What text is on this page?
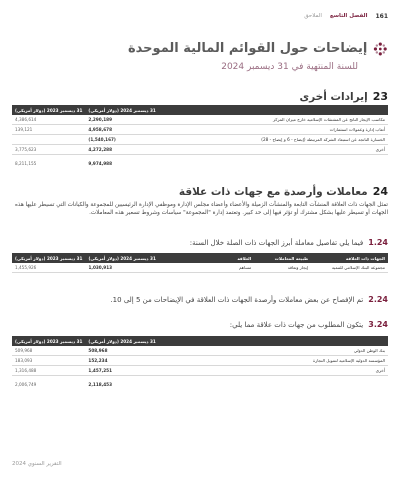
161
الفصل التاسع
الملاحق
إيضاحات حول القوائم المالية الموحدة
للسنة المنتهية في 31 ديسمبر 2024
23
إيرادات أخرى
	31 ديسمبر 2024 (دولار أمريكي)	31 ديسمبر 2023 (دولار أمريكي)
مكاسب الإيجار الناتج عن المشتقات الإسلامية خارج ميزان المركز	2,290,189	4,386,614
أتعاب إدارة وعمولات استثمارات	4,958,678	139,121
الخسارة الناتجة عن استبعاد الشركة المرتبطة (إيضاح - 6 و إيضاح - 28)	(1,540,167)	
أخرى	4,272,288	3,775,623

	9,974,988	8,211,155
24
معاملات وأرصدة مع جهات ذات علاقة
تمثل الجهات ذات العلاقة المنشآت التابعة والمنشآت الزميلة والأعضاء وأعضاء مجلس الإدارة وموظفي الإدارة الرئيسيين للمجموعة والكيانات التي تسيطر عليها هذه الجهات أو تسيطر عليها بشكل مشترك أو تؤثر فيها إلى حد كبير. وتعتمد إدارة "المجموعة" سياسات وشروط تسعير هذه المعاملات.
1.24
فيما يلي تفاصيل معاملة أبرز الجهات ذات الصلة خلال السنة:
الجهات ذات العلاقة	طبيعة المعاملات	العلاقة	31 ديسمبر 2024 (دولار أمريكي)	31 ديسمبر 2023 (دولار أمريكي)
مجموعة البنك الإسلامي للتنمية	إيجار وتعاقد	مساهم	1,030,913	1,455,926
2.24
تم الإفصاح عن بعض معاملات وأرصدة الجهات ذات العلاقة في الإيضاحات من 5 إلى 10.
3.24
يتكون المطلوب من جهات ذات علاقة مما يلي:
	31 ديسمبر 2024 (دولار أمريكي)	31 ديسمبر 2023 (دولار أمريكي)
بنك الوطن الدولي	508,968	509,968
المؤسسة الدولية الإسلامية لتمويل التجارة	152,234	183,093
أخرى	1,457,251	1,316,488

	2,118,453	2,006,749
التقرير السنوي 2024
